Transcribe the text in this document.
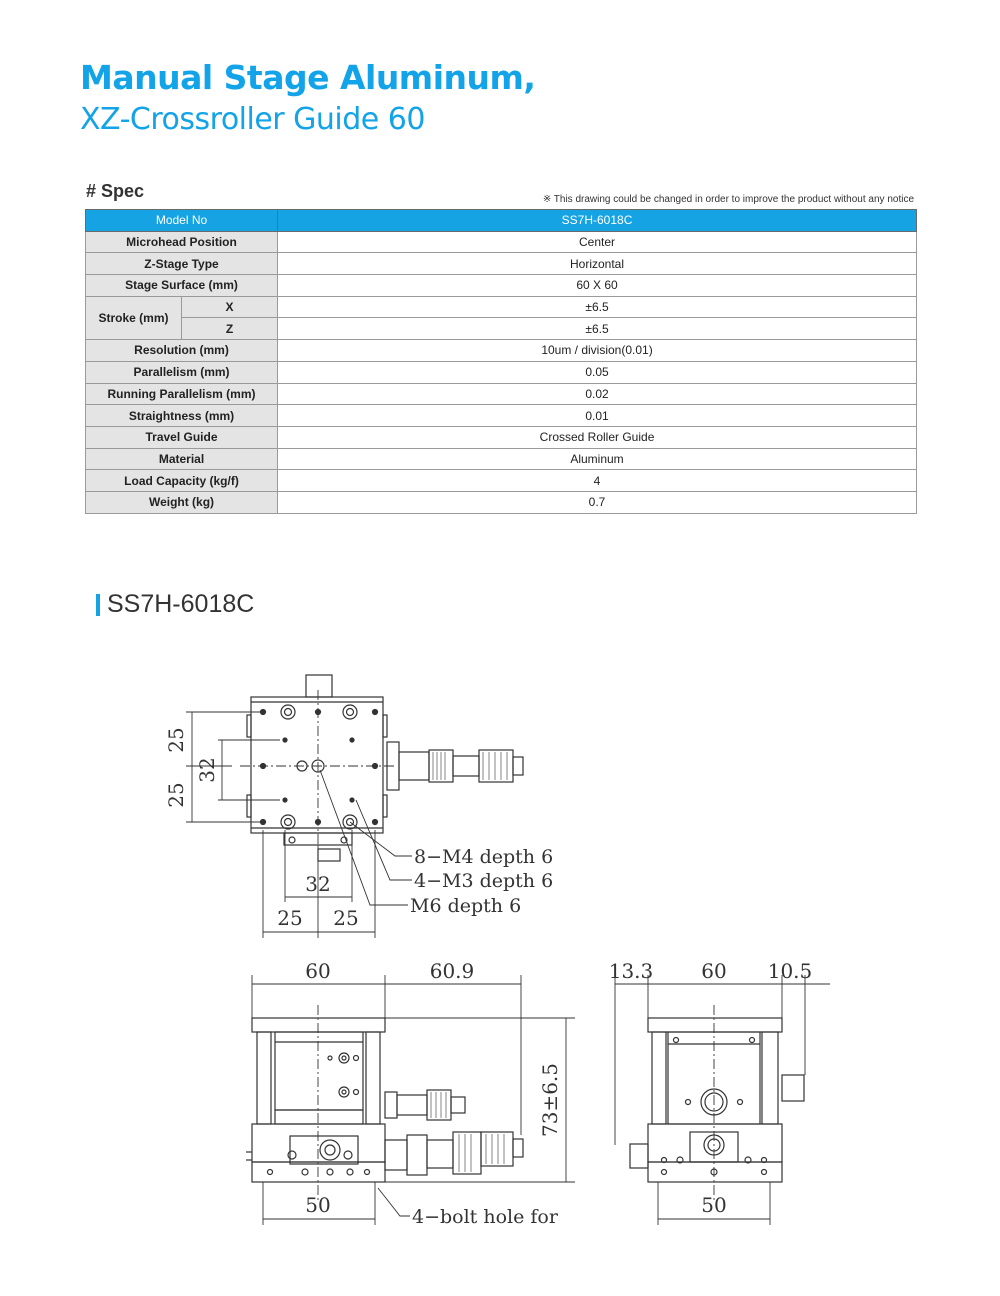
Manual Stage Aluminum,
XZ-Crossroller Guide 60
# Spec	※ This drawing could be changed in order to improve the product without any notice
Model No		SS7H-6018C
Microhead Position		Center
Z-Stage Type		Horizontal
Stage Surface (mm)		60 X 60
Stroke (mm)	X	±6.5
	Z	±6.5
Resolution (mm)		10um / division(0.01)
Parallelism (mm)		0.05
Running Parallelism (mm)		0.02
Straightness (mm)		0.01
Travel Guide		Crossed Roller Guide
Material		Aluminum
Load Capacity (kg/f)		4
Weight (kg)		0.7
SS7H-6018C
25
32
25
32
25 25
8−M4 depth 6
4−M3 depth 6
M6 depth 6
60	60.9
73±6.5
50	4−bolt hole for
13.3 60 10.5
50
